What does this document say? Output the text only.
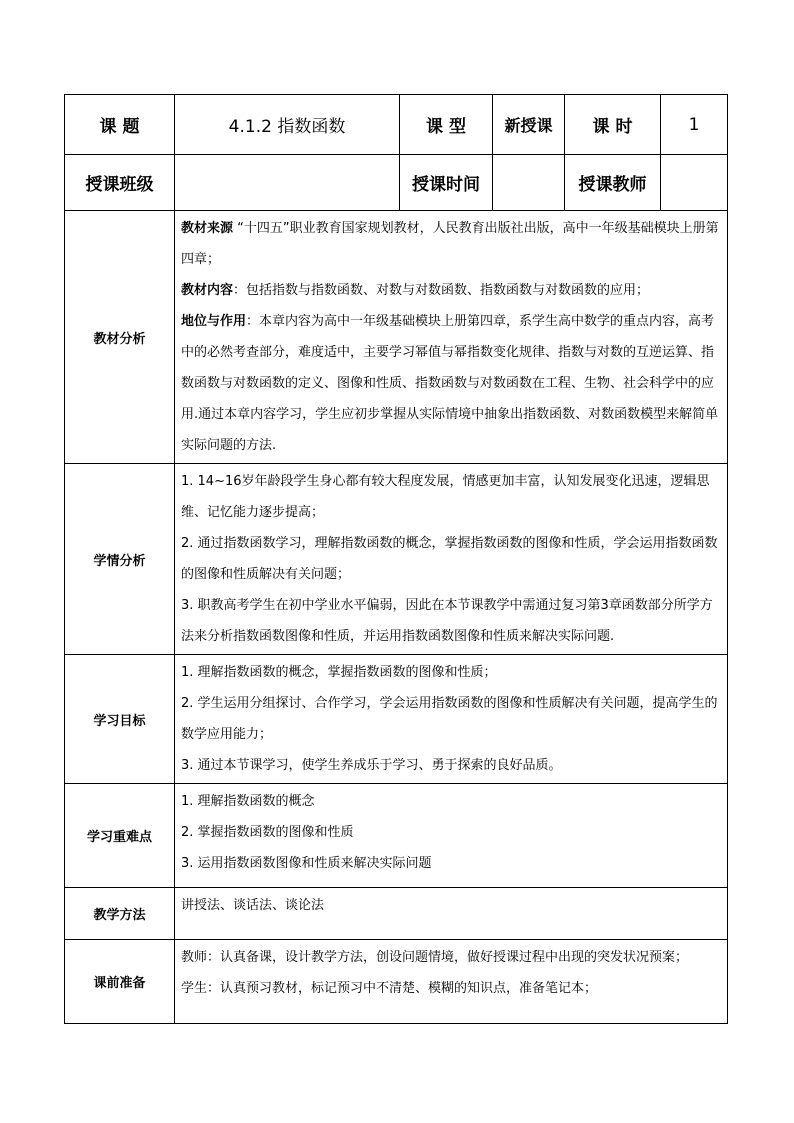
课 题	4.1.2 指数函数	课 型	新授课	课 时	1
授课班级		授课时间		授课教师	
教材分析	教材来源 “十四五”职业教育国家规划教材，人民教育出版社出版，高中一年级基础模块上册第四章；

教材内容：包括指数与指数函数、对数与对数函数、指数函数与对数函数的应用；

地位与作用：本章内容为高中一年级基础模块上册第四章，系学生高中数学的重点内容，高考中的必然考查部分，难度适中，主要学习幂值与幂指数变化规律、指数与对数的互逆运算、指数函数与对数函数的定义、图像和性质、指数函数与对数函数在工程、生物、社会科学中的应用.通过本章内容学习，学生应初步掌握从实际情境中抽象出指数函数、对数函数模型来解简单实际问题的方法.				

学情分析	1. 14~16岁年龄段学生身心都有较大程度发展，情感更加丰富，认知发展变化迅速，逻辑思维、记忆能力逐步提高；

2. 通过指数函数学习，理解指数函数的概念，掌握指数函数的图像和性质，学会运用指数函数的图像和性质解决有关问题；

3. 职教高考学生在初中学业水平偏弱，因此在本节课教学中需通过复习第3章函数部分所学方法来分析指数函数图像和性质，并运用指数函数图像和性质来解决实际问题.				

学习目标	1. 理解指数函数的概念，掌握指数函数的图像和性质；

2. 学生运用分组探讨、合作学习，学会运用指数函数的图像和性质解决有关问题，提高学生的数学应用能力；

3. 通过本节课学习，使学生养成乐于学习、勇于探索的良好品质。				

学习重难点	1. 理解指数函数的概念

2. 掌握指数函数的图像和性质

3. 运用指数函数图像和性质来解决实际问题				

教学方法	讲授法、谈话法、谈论法				

课前准备	教师：认真备课，设计教学方法，创设问题情境，做好授课过程中出现的突发状况预案；

学生：认真预习教材，标记预习中不清楚、模糊的知识点，准备笔记本；				
